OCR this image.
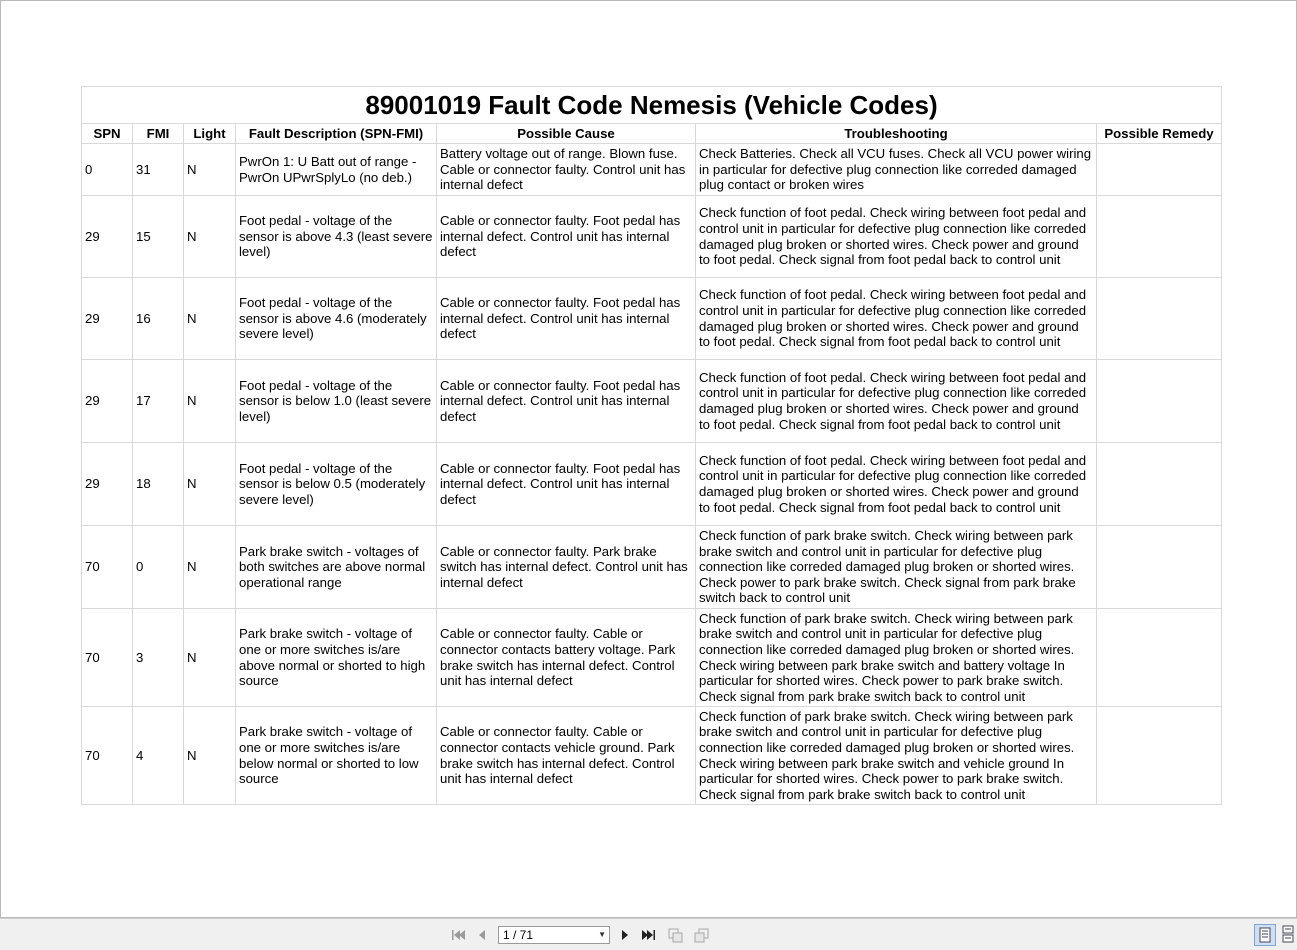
89001019 Fault Code Nemesis (Vehicle Codes)						
SPN	FMI	Light	Fault Description (SPN-FMI)	Possible Cause	Troubleshooting	Possible Remedy
0	31	N	PwrOn 1: U Batt out of range - PwrOn UPwrSplyLo (no deb.)	Battery voltage out of range. Blown fuse. Cable or connector faulty. Control unit has internal defect	Check Batteries. Check all VCU fuses. Check all VCU power wiring in particular for defective plug connection like correded damaged plug contact or broken wires	
29	15	N	Foot pedal - voltage of the sensor is above 4.3 (least severe level)	Cable or connector faulty. Foot pedal has internal defect. Control unit has internal defect	Check function of foot pedal. Check wiring between foot pedal and control unit in particular for defective plug connection like correded damaged plug broken or shorted wires. Check power and ground to foot pedal. Check signal from foot pedal back to control unit	
29	16	N	Foot pedal - voltage of the sensor is above 4.6 (moderately severe level)	Cable or connector faulty. Foot pedal has internal defect. Control unit has internal defect	Check function of foot pedal. Check wiring between foot pedal and control unit in particular for defective plug connection like correded damaged plug broken or shorted wires. Check power and ground to foot pedal. Check signal from foot pedal back to control unit	
29	17	N	Foot pedal - voltage of the sensor is below 1.0 (least severe level)	Cable or connector faulty. Foot pedal has internal defect. Control unit has internal defect	Check function of foot pedal. Check wiring between foot pedal and control unit in particular for defective plug connection like correded damaged plug broken or shorted wires. Check power and ground to foot pedal. Check signal from foot pedal back to control unit	
29	18	N	Foot pedal - voltage of the sensor is below 0.5 (moderately severe level)	Cable or connector faulty. Foot pedal has internal defect. Control unit has internal defect	Check function of foot pedal. Check wiring between foot pedal and control unit in particular for defective plug connection like correded damaged plug broken or shorted wires. Check power and ground to foot pedal. Check signal from foot pedal back to control unit	
70	0	N	Park brake switch - voltages of both switches are above normal operational range	Cable or connector faulty. Park brake switch has internal defect. Control unit has internal defect	Check function of park brake switch. Check wiring between park brake switch and control unit in particular for defective plug connection like correded damaged plug broken or shorted wires. Check power to park brake switch. Check signal from park brake switch back to control unit	
70	3	N	Park brake switch - voltage of one or more switches is/are above normal or shorted to high source	Cable or connector faulty. Cable or connector contacts battery voltage. Park brake switch has internal defect. Control unit has internal defect	Check function of park brake switch. Check wiring between park brake switch and control unit in particular for defective plug connection like correded damaged plug broken or shorted wires. Check wiring between park brake switch and battery voltage In particular for shorted wires. Check power to park brake switch. Check signal from park brake switch back to control unit	
70	4	N	Park brake switch - voltage of one or more switches is/are below normal or shorted to low source	Cable or connector faulty. Cable or connector contacts vehicle ground. Park brake switch has internal defect. Control unit has internal defect	Check function of park brake switch. Check wiring between park brake switch and control unit in particular for defective plug connection like correded damaged plug broken or shorted wires. Check wiring between park brake switch and vehicle ground In particular for shorted wires. Check power to park brake switch. Check signal from park brake switch back to control unit	
1 / 71	▼
